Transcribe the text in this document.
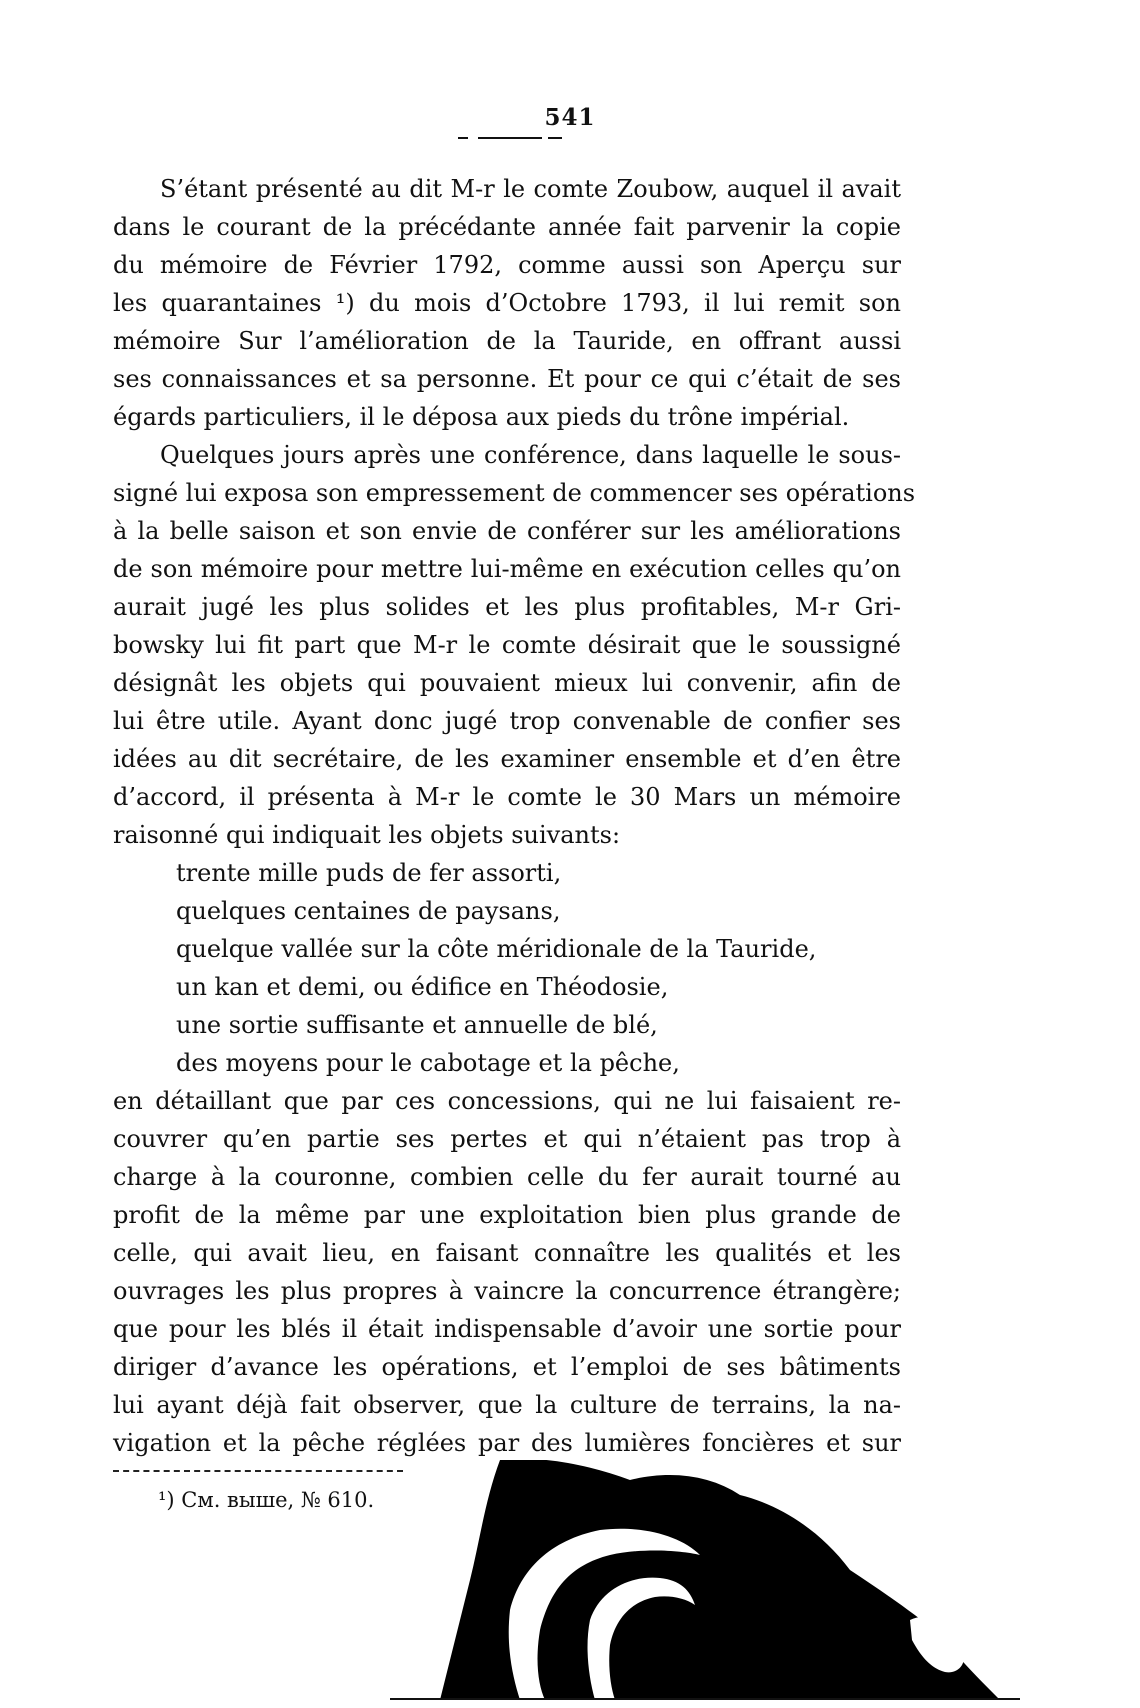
541
S’étant présenté au dit M-r le comte Zoubow, auquel il avait
dans le courant de la précédante année fait parvenir la copie
du mémoire de Février 1792, comme aussi son Aperçu sur
les quarantaines ¹) du mois d’Octobre 1793, il lui remit son
mémoire Sur l’amélioration de la Tauride, en offrant aussi
ses connaissances et sa personne. Et pour ce qui c’était de ses
égards particuliers, il le déposa aux pieds du trône impérial.
Quelques jours après une conférence, dans laquelle le sous-
signé lui exposa son empressement de commencer ses opérations
à la belle saison et son envie de conférer sur les améliorations
de son mémoire pour mettre lui-même en exécution celles qu’on
aurait jugé les plus solides et les plus profitables, M-r Gri-
bowsky lui fit part que M-r le comte désirait que le soussigné
désignât les objets qui pouvaient mieux lui convenir, afin de
lui être utile. Ayant donc jugé trop convenable de confier ses
idées au dit secrétaire, de les examiner ensemble et d’en être
d’accord, il présenta à M-r le comte le 30 Mars un mémoire
raisonné qui indiquait les objets suivants:
trente mille puds de fer assorti,
quelques centaines de paysans,
quelque vallée sur la côte méridionale de la Tauride,
un kan et demi, ou édifice en Théodosie,
une sortie suffisante et annuelle de blé,
des moyens pour le cabotage et la pêche,
en détaillant que par ces concessions, qui ne lui faisaient re-
couvrer qu’en partie ses pertes et qui n’étaient pas trop à
charge à la couronne, combien celle du fer aurait tourné au
profit de la même par une exploitation bien plus grande de
celle, qui avait lieu, en faisant connaître les qualités et les
ouvrages les plus propres à vaincre la concurrence étrangère;
que pour les blés il était indispensable d’avoir une sortie pour
diriger d’avance les opérations, et l’emploi de ses bâtiments
lui ayant déjà fait observer, que la culture de terrains, la na-
vigation et la pêche réglées par des lumières foncières et sur
¹) См. выше, № 610.
